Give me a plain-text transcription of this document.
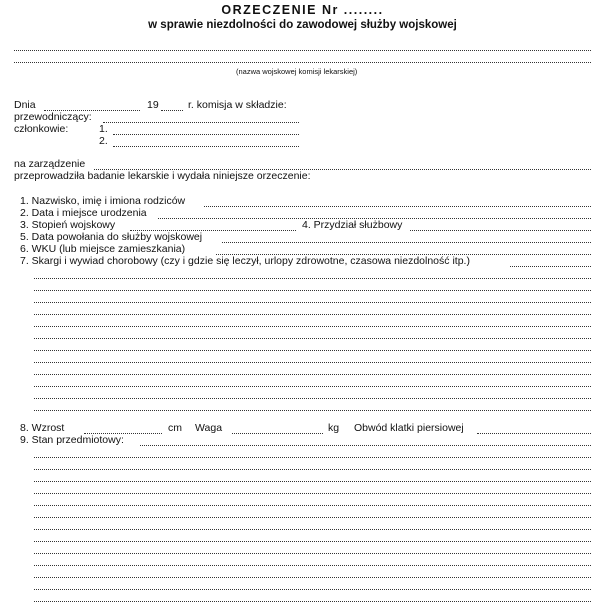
ORZECZENIE Nr ........
w sprawie niezdolności do zawodowej służby wojskowej
(nazwa wojskowej komisji lekarskiej)
Dnia	19	r. komisja w składzie:
przewodniczący:
członkowie:	1.
2.
na zarządzenie
przeprowadziła badanie lekarskie i wydała niniejsze orzeczenie:
1. Nazwisko, imię i imiona rodziców
2. Data i miejsce urodzenia
3. Stopień wojskowy	4. Przydział służbowy
5. Data powołania do służby wojskowej
6. WKU (lub miejsce zamieszkania)
7. Skargi i wywiad chorobowy (czy i gdzie się leczył, urlopy zdrowotne, czasowa niezdolność itp.)
8. Wzrost	cm Waga	kg Obwód klatki piersiowej
9. Stan przedmiotowy:
